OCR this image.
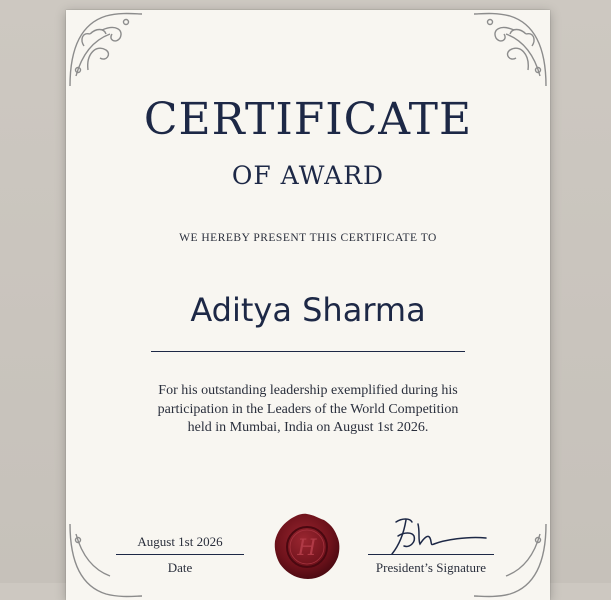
CERTIFICATE
OF AWARD
WE HEREBY PRESENT THIS CERTIFICATE TO
Aditya Sharma
For his outstanding leadership exemplified during his
participation in the Leaders of the World Competition
held in Mumbai, India on August 1st 2026.
August 1st 2026
Date
H
President’s Signature
